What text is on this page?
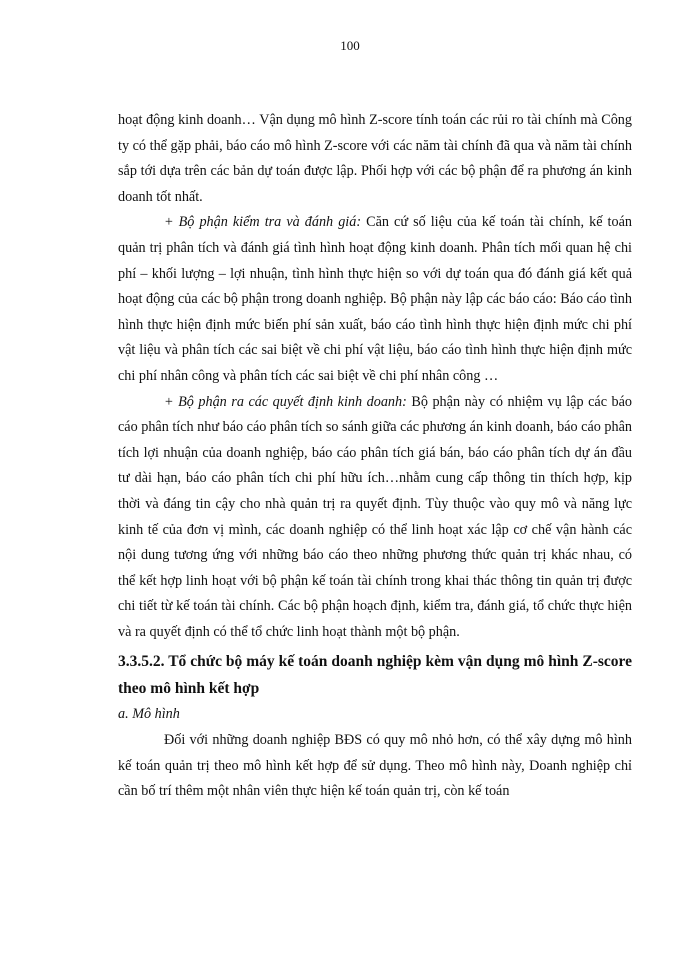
100

hoạt động kinh doanh… Vận dụng mô hình Z-score tính toán các rủi ro tài chính mà Công ty có thể gặp phải, báo cáo mô hình Z-score với các năm tài chính đã qua và năm tài chính sắp tới dựa trên các bản dự toán được lập. Phối hợp với các bộ phận để ra phương án kinh doanh tốt nhất.

+ Bộ phận kiểm tra và đánh giá: Căn cứ số liệu của kế toán tài chính, kế toán quản trị phân tích và đánh giá tình hình hoạt động kinh doanh. Phân tích mối quan hệ chi phí – khối lượng – lợi nhuận, tình hình thực hiện so với dự toán qua đó đánh giá kết quả hoạt động của các bộ phận trong doanh nghiệp. Bộ phận này lập các báo cáo: Báo cáo tình hình thực hiện định mức biến phí sản xuất, báo cáo tình hình thực hiện định mức chi phí vật liệu và phân tích các sai biệt về chi phí vật liệu, báo cáo tình hình thực hiện định mức chi phí nhân công và phân tích các sai biệt về chi phí nhân công …

+ Bộ phận ra các quyết định kinh doanh: Bộ phận này có nhiệm vụ lập các báo cáo phân tích như báo cáo phân tích so sánh giữa các phương án kinh doanh, báo cáo phân tích lợi nhuận của doanh nghiệp, báo cáo phân tích giá bán, báo cáo phân tích dự án đầu tư dài hạn, báo cáo phân tích chi phí hữu ích…nhằm cung cấp thông tin thích hợp, kịp thời và đáng tin cậy cho nhà quản trị ra quyết định. Tùy thuộc vào quy mô và năng lực kinh tế của đơn vị mình, các doanh nghiệp có thể linh hoạt xác lập cơ chế vận hành các nội dung tương ứng với những báo cáo theo những phương thức quản trị khác nhau, có thể kết hợp linh hoạt với bộ phận kế toán tài chính trong khai thác thông tin quản trị được chi tiết từ kế toán tài chính. Các bộ phận hoạch định, kiểm tra, đánh giá, tổ chức thực hiện và ra quyết định có thể tổ chức linh hoạt thành một bộ phận.

3.3.5.2. Tổ chức bộ máy kế toán doanh nghiệp kèm vận dụng mô hình Z-score theo mô hình kết hợp

a. Mô hình

Đối với những doanh nghiệp BĐS có quy mô nhỏ hơn, có thể xây dựng mô hình kế toán quản trị theo mô hình kết hợp để sử dụng. Theo mô hình này, Doanh nghiệp chỉ cần bố trí thêm một nhân viên thực hiện kế toán quản trị, còn kế toán
